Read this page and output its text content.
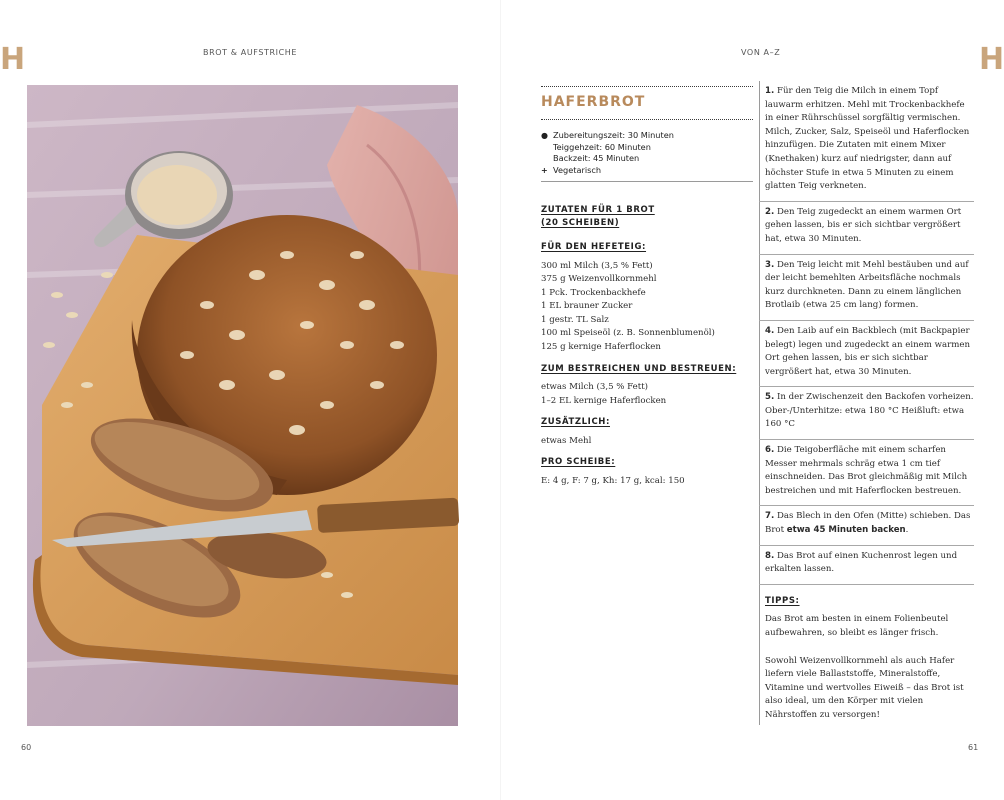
H	H
BROT & AUFSTRICHE	VON A–Z
HAFERBROT
● Zubereitungszeit: 30 Minuten
Teiggehzeit: 60 Minuten
Backzeit: 45 Minuten
+ Vegetarisch
ZUTATEN FÜR 1 BROT
(20 SCHEIBEN)
FÜR DEN HEFETEIG:
300 ml Milch (3,5 % Fett)
375 g Weizenvollkornmehl
1 Pck. Trockenbackhefe
1 EL brauner Zucker
1 gestr. TL Salz
100 ml Speiseöl (z. B. Sonnenblumenöl)
125 g kernige Haferflocken
ZUM BESTREICHEN UND BESTREUEN:
etwas Milch (3,5 % Fett)
1–2 EL kernige Haferflocken
ZUSÄTZLICH:
etwas Mehl
PRO SCHEIBE:
E: 4 g, F: 7 g, Kh: 17 g, kcal: 150
1. Für den Teig die Milch in einem Topf lauwarm erhitzen. Mehl mit Trockenbackhefe in einer Rührschüssel sorgfältig vermischen. Milch, Zucker, Salz, Speiseöl und Haferflocken hinzufügen. Die Zutaten mit einem Mixer (Knethaken) kurz auf niedrigster, dann auf höchster Stufe in etwa 5 Minuten zu einem glatten Teig verkneten.
2. Den Teig zugedeckt an einem warmen Ort gehen lassen, bis er sich sichtbar vergrößert hat, etwa 30 Minuten.
3. Den Teig leicht mit Mehl bestäuben und auf der leicht bemehlten Arbeitsfläche nochmals kurz durchkneten. Dann zu einem länglichen Brotlaib (etwa 25 cm lang) formen.
4. Den Laib auf ein Backblech (mit Backpapier belegt) legen und zugedeckt an einem warmen Ort gehen lassen, bis er sich sichtbar vergrößert hat, etwa 30 Minuten.
5. In der Zwischenzeit den Backofen vorheizen. Ober-/Unterhitze: etwa 180 °C Heißluft: etwa 160 °C
6. Die Teigoberfläche mit einem scharfen Messer mehrmals schräg etwa 1 cm tief einschneiden. Das Brot gleichmäßig mit Milch bestreichen und mit Haferflocken bestreuen.
7. Das Blech in den Ofen (Mitte) schieben. Das Brot etwa 45 Minuten backen.
8. Das Brot auf einen Kuchenrost legen und erkalten lassen.
TIPPS:

Das Brot am besten in einem Folienbeutel aufbewahren, so bleibt es länger frisch.

Sowohl Weizenvollkornmehl als auch Hafer liefern viele Ballaststoffe, Mineralstoffe, Vitamine und wertvolles Eiweiß – das Brot ist also ideal, um den Körper mit vielen Nährstoffen zu versorgen!

60	61
